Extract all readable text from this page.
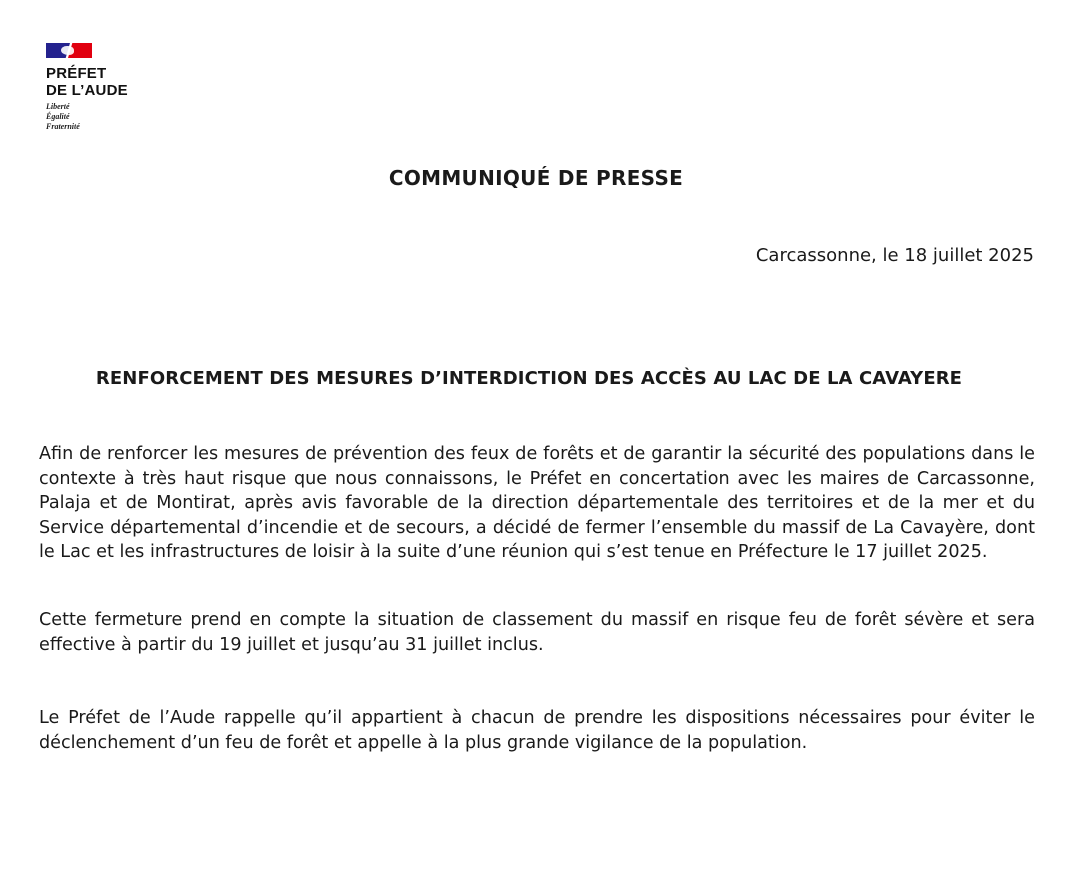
PRÉFET
DE L’AUDE
Liberté
Égalité
Fraternité
COMMUNIQUÉ DE PRESSE
Carcassonne, le 18 juillet 2025
RENFORCEMENT DES MESURES D’INTERDICTION DES ACCÈS AU LAC DE LA CAVAYERE

Afin de renforcer les mesures de prévention des feux de forêts et de garantir la sécurité des populations dans le contexte à très haut risque que nous connaissons, le Préfet en concertation avec les maires de Carcassonne, Palaja et de Montirat, après avis favorable de la direction départementale des territoires et de la mer et du Service départemental d’incendie et de secours, a décidé de fermer l’ensemble du massif de La Cavayère, dont le Lac et les infrastructures de loisir à la suite d’une réunion qui s’est tenue en Préfecture le 17 juillet 2025.

Cette fermeture prend en compte la situation de classement du massif en risque feu de forêt sévère et sera effective à partir du 19 juillet et jusqu’au 31 juillet inclus.

Le Préfet de l’Aude rappelle qu’il appartient à chacun de prendre les dispositions nécessaires pour éviter le déclenchement d’un feu de forêt et appelle à la plus grande vigilance de la population.
